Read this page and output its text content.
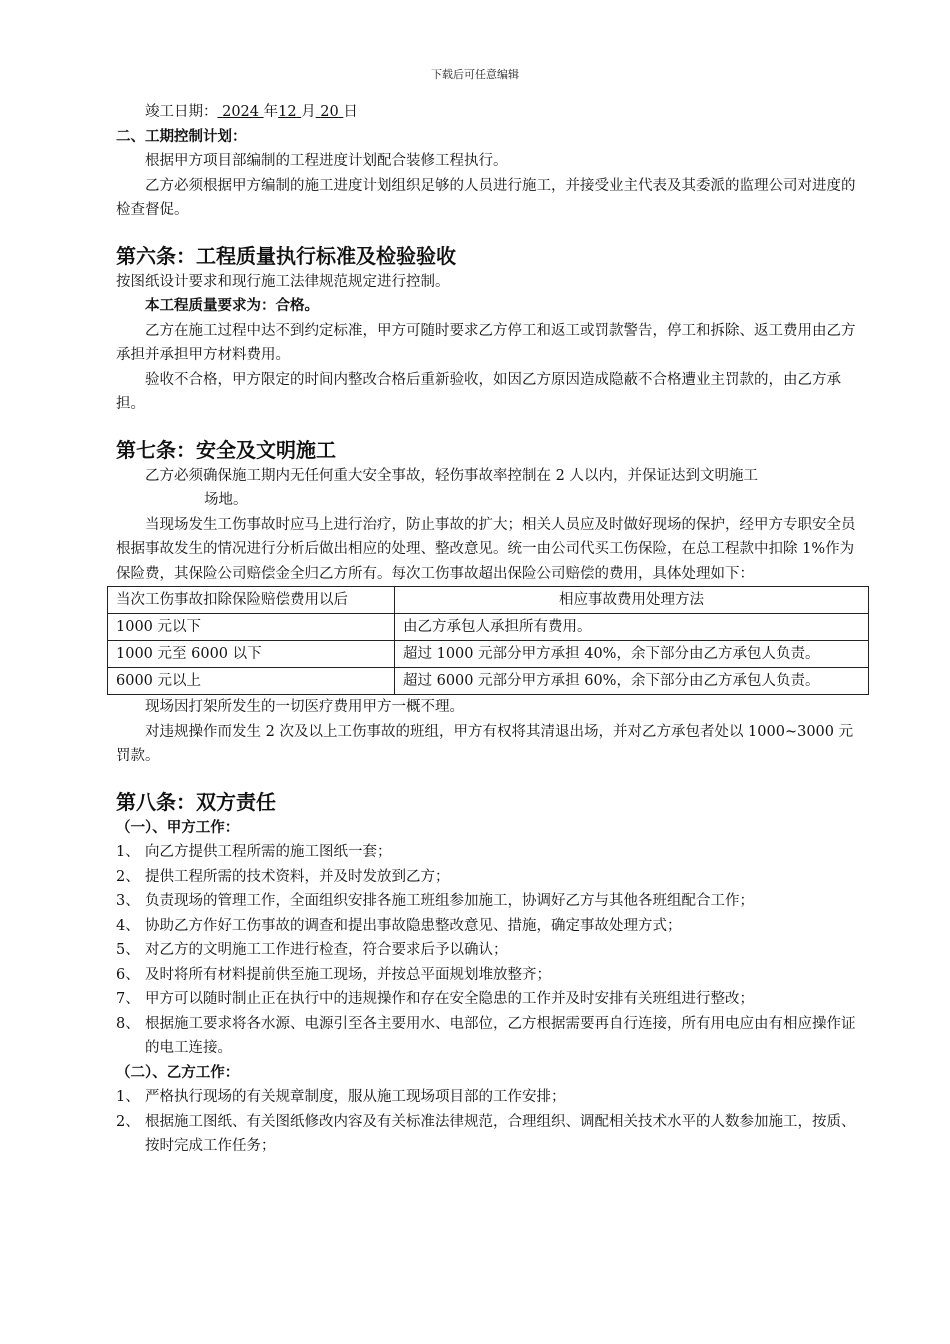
下载后可任意编辑

竣工日期： 2024 年12 月 20 日

二、工期控制计划：

根据甲方项目部编制的工程进度计划配合装修工程执行。

乙方必须根据甲方编制的施工进度计划组织足够的人员进行施工，并接受业主代表及其委派的监理公司对进度的检查督促。

第六条：工程质量执行标准及检验验收

按图纸设计要求和现行施工法律规范规定进行控制。

本工程质量要求为：合格。

乙方在施工过程中达不到约定标准，甲方可随时要求乙方停工和返工或罚款警告，停工和拆除、返工费用由乙方承担并承担甲方材料费用。

验收不合格，甲方限定的时间内整改合格后重新验收，如因乙方原因造成隐蔽不合格遭业主罚款的，由乙方承担。

第七条：安全及文明施工

乙方必须确保施工期内无任何重大安全事故，轻伤事故率控制在 2 人以内，并保证达到文明施工

场地。

当现场发生工伤事故时应马上进行治疗，防止事故的扩大；相关人员应及时做好现场的保护，经甲方专职安全员根据事故发生的情况进行分析后做出相应的处理、整改意见。统一由公司代买工伤保险，在总工程款中扣除 1%作为保险费，其保险公司赔偿金全归乙方所有。每次工伤事故超出保险公司赔偿的费用，具体处理如下：

当次工伤事故扣除保险赔偿费用以后	相应事故费用处理方法
1000 元以下	由乙方承包人承担所有费用。
1000 元至 6000 以下	超过 1000 元部分甲方承担 40%，余下部分由乙方承包人负责。
6000 元以上	超过 6000 元部分甲方承担 60%，余下部分由乙方承包人负责。

现场因打架所发生的一切医疗费用甲方一概不理。

对违规操作而发生 2 次及以上工伤事故的班组，甲方有权将其清退出场，并对乙方承包者处以 1000~3000 元罚款。

第八条：双方责任

（一）、甲方工作：

1、 向乙方提供工程所需的施工图纸一套；

2、 提供工程所需的技术资料，并及时发放到乙方；

3、 负责现场的管理工作，全面组织安排各施工班组参加施工，协调好乙方与其他各班组配合工作；

4、 协助乙方作好工伤事故的调查和提出事故隐患整改意见、措施，确定事故处理方式；

5、 对乙方的文明施工工作进行检查，符合要求后予以确认；

6、 及时将所有材料提前供至施工现场，并按总平面规划堆放整齐；

7、 甲方可以随时制止正在执行中的违规操作和存在安全隐患的工作并及时安排有关班组进行整改；

8、 根据施工要求将各水源、电源引至各主要用水、电部位，乙方根据需要再自行连接，所有用电应由有相应操作证的电工连接。

（二）、乙方工作：

1、 严格执行现场的有关规章制度，服从施工现场项目部的工作安排；

2、 根据施工图纸、有关图纸修改内容及有关标准法律规范，合理组织、调配相关技术水平的人数参加施工，按质、按时完成工作任务；
